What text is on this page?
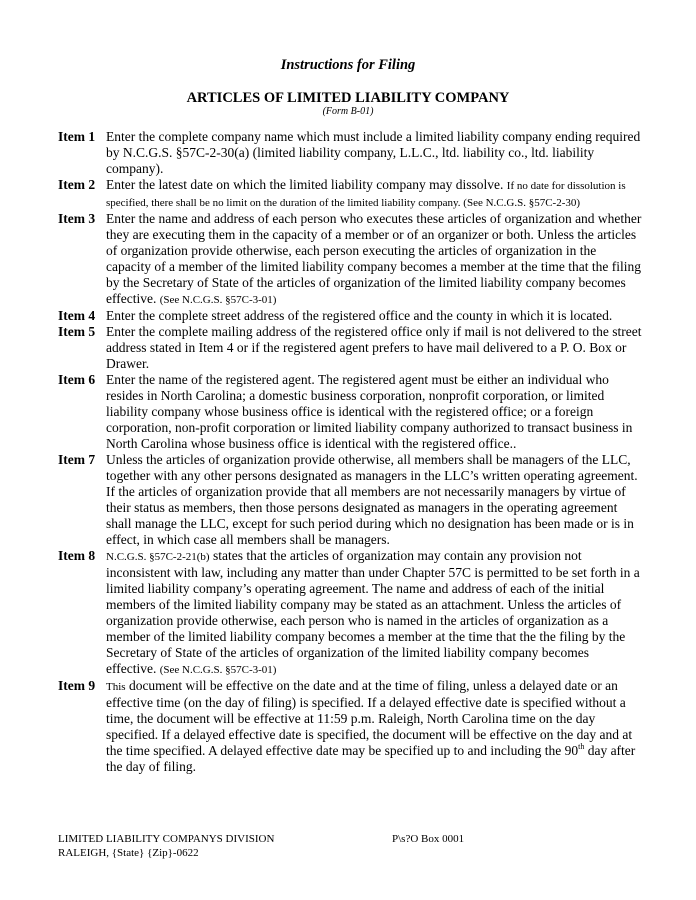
Instructions for Filing
ARTICLES OF LIMITED LIABILITY COMPANY
(Form B-01)
Item 1 Enter the complete company name which must include a limited liability company ending required by N.C.G.S. §57C-2-30(a) (limited liability company, L.L.C., ltd. liability co., ltd. liability company).
Item 2 Enter the latest date on which the limited liability company may dissolve. If no date for dissolution is specified, there shall be no limit on the duration of the limited liability company. (See N.C.G.S. §57C-2-30)
Item 3 Enter the name and address of each person who executes these articles of organization and whether they are executing them in the capacity of a member or of an organizer or both. Unless the articles of organization provide otherwise, each person executing the articles of organization in the capacity of a member of the limited liability company becomes a member at the time that the filing by the Secretary of State of the articles of organization of the limited liability company becomes effective. (See N.C.G.S. §57C-3-01)
Item 4 Enter the complete street address of the registered office and the county in which it is located.
Item 5 Enter the complete mailing address of the registered office only if mail is not delivered to the street address stated in Item 4 or if the registered agent prefers to have mail delivered to a P. O. Box or Drawer.
Item 6 Enter the name of the registered agent. The registered agent must be either an individual who resides in North Carolina; a domestic business corporation, nonprofit corporation, or limited liability company whose business office is identical with the registered office; or a foreign corporation, non-profit corporation or limited liability company authorized to transact business in North Carolina whose business office is identical with the registered office..
Item 7 Unless the articles of organization provide otherwise, all members shall be managers of the LLC, together with any other persons designated as managers in the LLC’s written operating agreement. If the articles of organization provide that all members are not necessarily managers by virtue of their status as members, then those persons designated as managers in the operating agreement shall manage the LLC, except for such period during which no designation has been made or is in effect, in which case all members shall be managers.
Item 8 N.C.G.S. §57C-2-21(b) states that the articles of organization may contain any provision not inconsistent with law, including any matter than under Chapter 57C is permitted to be set forth in a limited liability company’s operating agreement. The name and address of each of the initial members of the limited liability company may be stated as an attachment. Unless the articles of organization provide otherwise, each person who is named in the articles of organization as a member of the limited liability company becomes a member at the time that the the filing by the Secretary of State of the articles of organization of the limited liability company becomes effective. (See N.C.G.S. §57C-3-01)
Item 9 This document will be effective on the date and at the time of filing, unless a delayed date or an effective time (on the day of filing) is specified. If a delayed effective date is specified without a time, the document will be effective at 11:59 p.m. Raleigh, North Carolina time on the day specified. If a delayed effective date is specified, the document will be effective on the day and at the time specified. A delayed effective date may be specified up to and including the 90th day after the day of filing.
LIMITED LIABILITY COMPANYS DIVISION
RALEIGH, {State} {Zip}-0622
P\s?O Box 0001
